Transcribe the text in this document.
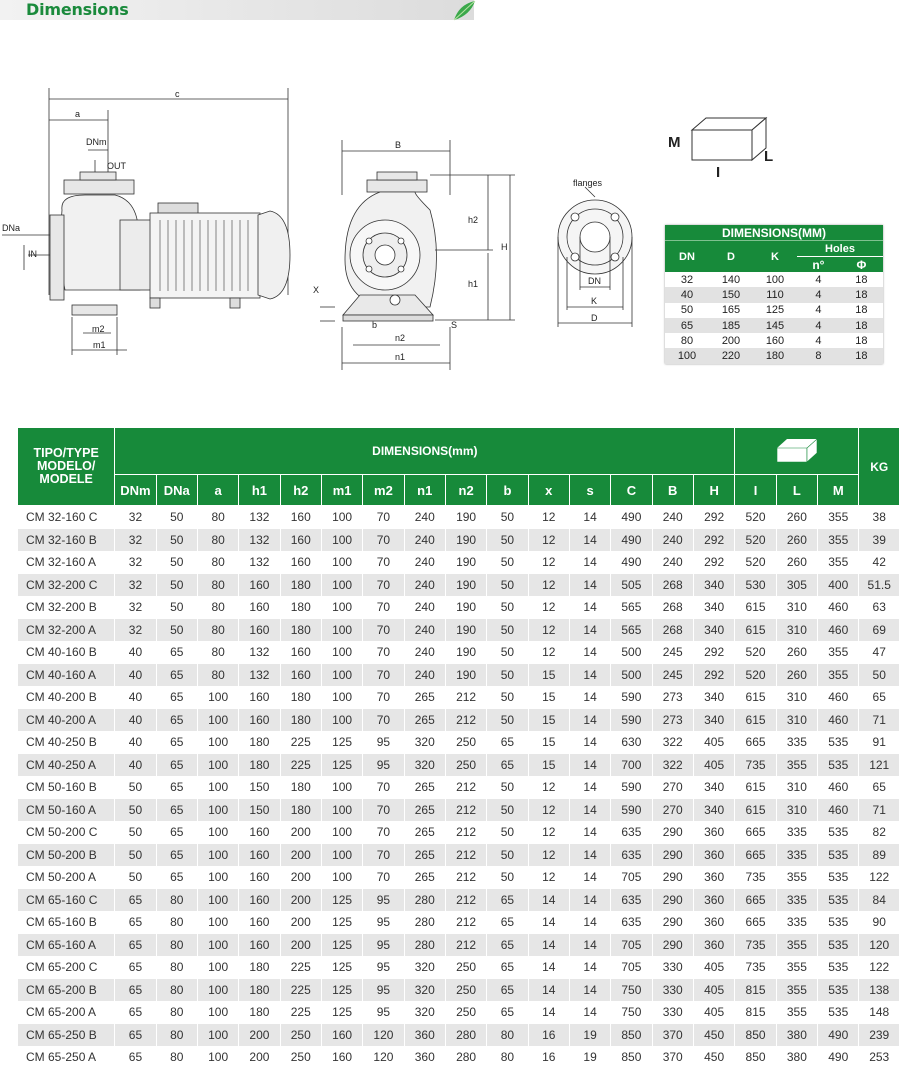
Dimensions
c
a
DNm
OUT
DNa
IN
m2
m1
B
h2
H
h1
X
b	S
n2
n1
flanges
DN
K
D
M
L
I
DIMENSIONS(MM)				
DN	D	K	Holes	
			n°	Φ
32	140	100	4	18
40	150	110	4	18
50	165	125	4	18
65	185	145	4	18
80	200	160	4	18
100	220	180	8	18
TIPO/TYPE MODELO/ MODELE	DIMENSIONS(mm)																		KG
	DNm	DNa	a	h1	h2	m1	m2	n1	n2	b	x	s	C	B	H	I	L	M	
CM 32-160 C	32	50	80	132	160	100	70	240	190	50	12	14	490	240	292	520	260	355	38
CM 32-160 B	32	50	80	132	160	100	70	240	190	50	12	14	490	240	292	520	260	355	39
CM 32-160 A	32	50	80	132	160	100	70	240	190	50	12	14	490	240	292	520	260	355	42
CM 32-200 C	32	50	80	160	180	100	70	240	190	50	12	14	505	268	340	530	305	400	51.5
CM 32-200 B	32	50	80	160	180	100	70	240	190	50	12	14	565	268	340	615	310	460	63
CM 32-200 A	32	50	80	160	180	100	70	240	190	50	12	14	565	268	340	615	310	460	69
CM 40-160 B	40	65	80	132	160	100	70	240	190	50	12	14	500	245	292	520	260	355	47
CM 40-160 A	40	65	80	132	160	100	70	240	190	50	15	14	500	245	292	520	260	355	50
CM 40-200 B	40	65	100	160	180	100	70	265	212	50	15	14	590	273	340	615	310	460	65
CM 40-200 A	40	65	100	160	180	100	70	265	212	50	15	14	590	273	340	615	310	460	71
CM 40-250 B	40	65	100	180	225	125	95	320	250	65	15	14	630	322	405	665	335	535	91
CM 40-250 A	40	65	100	180	225	125	95	320	250	65	15	14	700	322	405	735	355	535	121
CM 50-160 B	50	65	100	150	180	100	70	265	212	50	12	14	590	270	340	615	310	460	65
CM 50-160 A	50	65	100	150	180	100	70	265	212	50	12	14	590	270	340	615	310	460	71
CM 50-200 C	50	65	100	160	200	100	70	265	212	50	12	14	635	290	360	665	335	535	82
CM 50-200 B	50	65	100	160	200	100	70	265	212	50	12	14	635	290	360	665	335	535	89
CM 50-200 A	50	65	100	160	200	100	70	265	212	50	12	14	705	290	360	735	355	535	122
CM 65-160 C	65	80	100	160	200	125	95	280	212	65	14	14	635	290	360	665	335	535	84
CM 65-160 B	65	80	100	160	200	125	95	280	212	65	14	14	635	290	360	665	335	535	90
CM 65-160 A	65	80	100	160	200	125	95	280	212	65	14	14	705	290	360	735	355	535	120
CM 65-200 C	65	80	100	180	225	125	95	320	250	65	14	14	705	330	405	735	355	535	122
CM 65-200 B	65	80	100	180	225	125	95	320	250	65	14	14	750	330	405	815	355	535	138
CM 65-200 A	65	80	100	180	225	125	95	320	250	65	14	14	750	330	405	815	355	535	148
CM 65-250 B	65	80	100	200	250	160	120	360	280	80	16	19	850	370	450	850	380	490	239
CM 65-250 A	65	80	100	200	250	160	120	360	280	80	16	19	850	370	450	850	380	490	253
